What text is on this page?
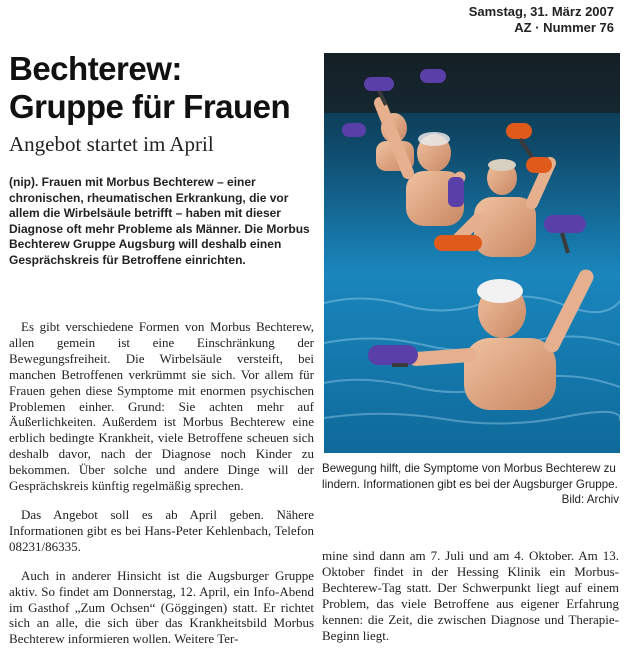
Samstag, 31. März 2007
AZ · Nummer 76
Bechterew:
Gruppe für Frauen
Angebot startet im April

(nip). Frauen mit Morbus Bechterew – einer chronischen, rheumatischen Erkrankung, die vor allem die Wirbelsäule betrifft – haben mit dieser Diagnose oft mehr Probleme als Männer. Die Morbus Bechterew Gruppe Augsburg will deshalb einen Gesprächskreis für Betroffene einrichten.

Es gibt verschiedene Formen von Morbus Bechterew, allen gemein ist eine Einschränkung der Bewegungsfreiheit. Die Wirbelsäule versteift, bei manchen Betroffenen verkrümmt sie sich. Vor allem für Frauen gehen diese Symptome mit enormen psychischen Problemen einher. Grund: Sie achten mehr auf Äußerlichkeiten. Außerdem ist Morbus Bechterew eine erblich bedingte Krankheit, viele Betroffene scheuen sich deshalb davor, nach der Diagnose noch Kinder zu bekommen. Über solche und andere Dinge will der Gesprächskreis künftig regelmäßig sprechen.

Das Angebot soll es ab April geben. Nähere Informationen gibt es bei Hans-Peter Kehlenbach, Telefon 08231/86335.

Auch in anderer Hinsicht ist die Augsburger Gruppe aktiv. So findet am Donnerstag, 12. April, ein Info-Abend im Gasthof „Zum Ochsen“ (Göggingen) statt. Er richtet sich an alle, die sich über das Krankheitsbild Morbus Bechterew informieren wollen. Weitere Ter-

Bewegung hilft, die Symptome von Morbus Bechterew zu lindern. Informationen gibt es bei der Augsburger Gruppe.
Bild: Archiv

mine sind dann am 7. Juli und am 4. Oktober. Am 13. Oktober findet in der Hessing Klinik ein Morbus-Bechterew-Tag statt. Der Schwerpunkt liegt auf einem Problem, das viele Betroffene aus eigener Erfahrung kennen: die Zeit, die zwischen Diagnose und Therapie-Beginn liegt.
